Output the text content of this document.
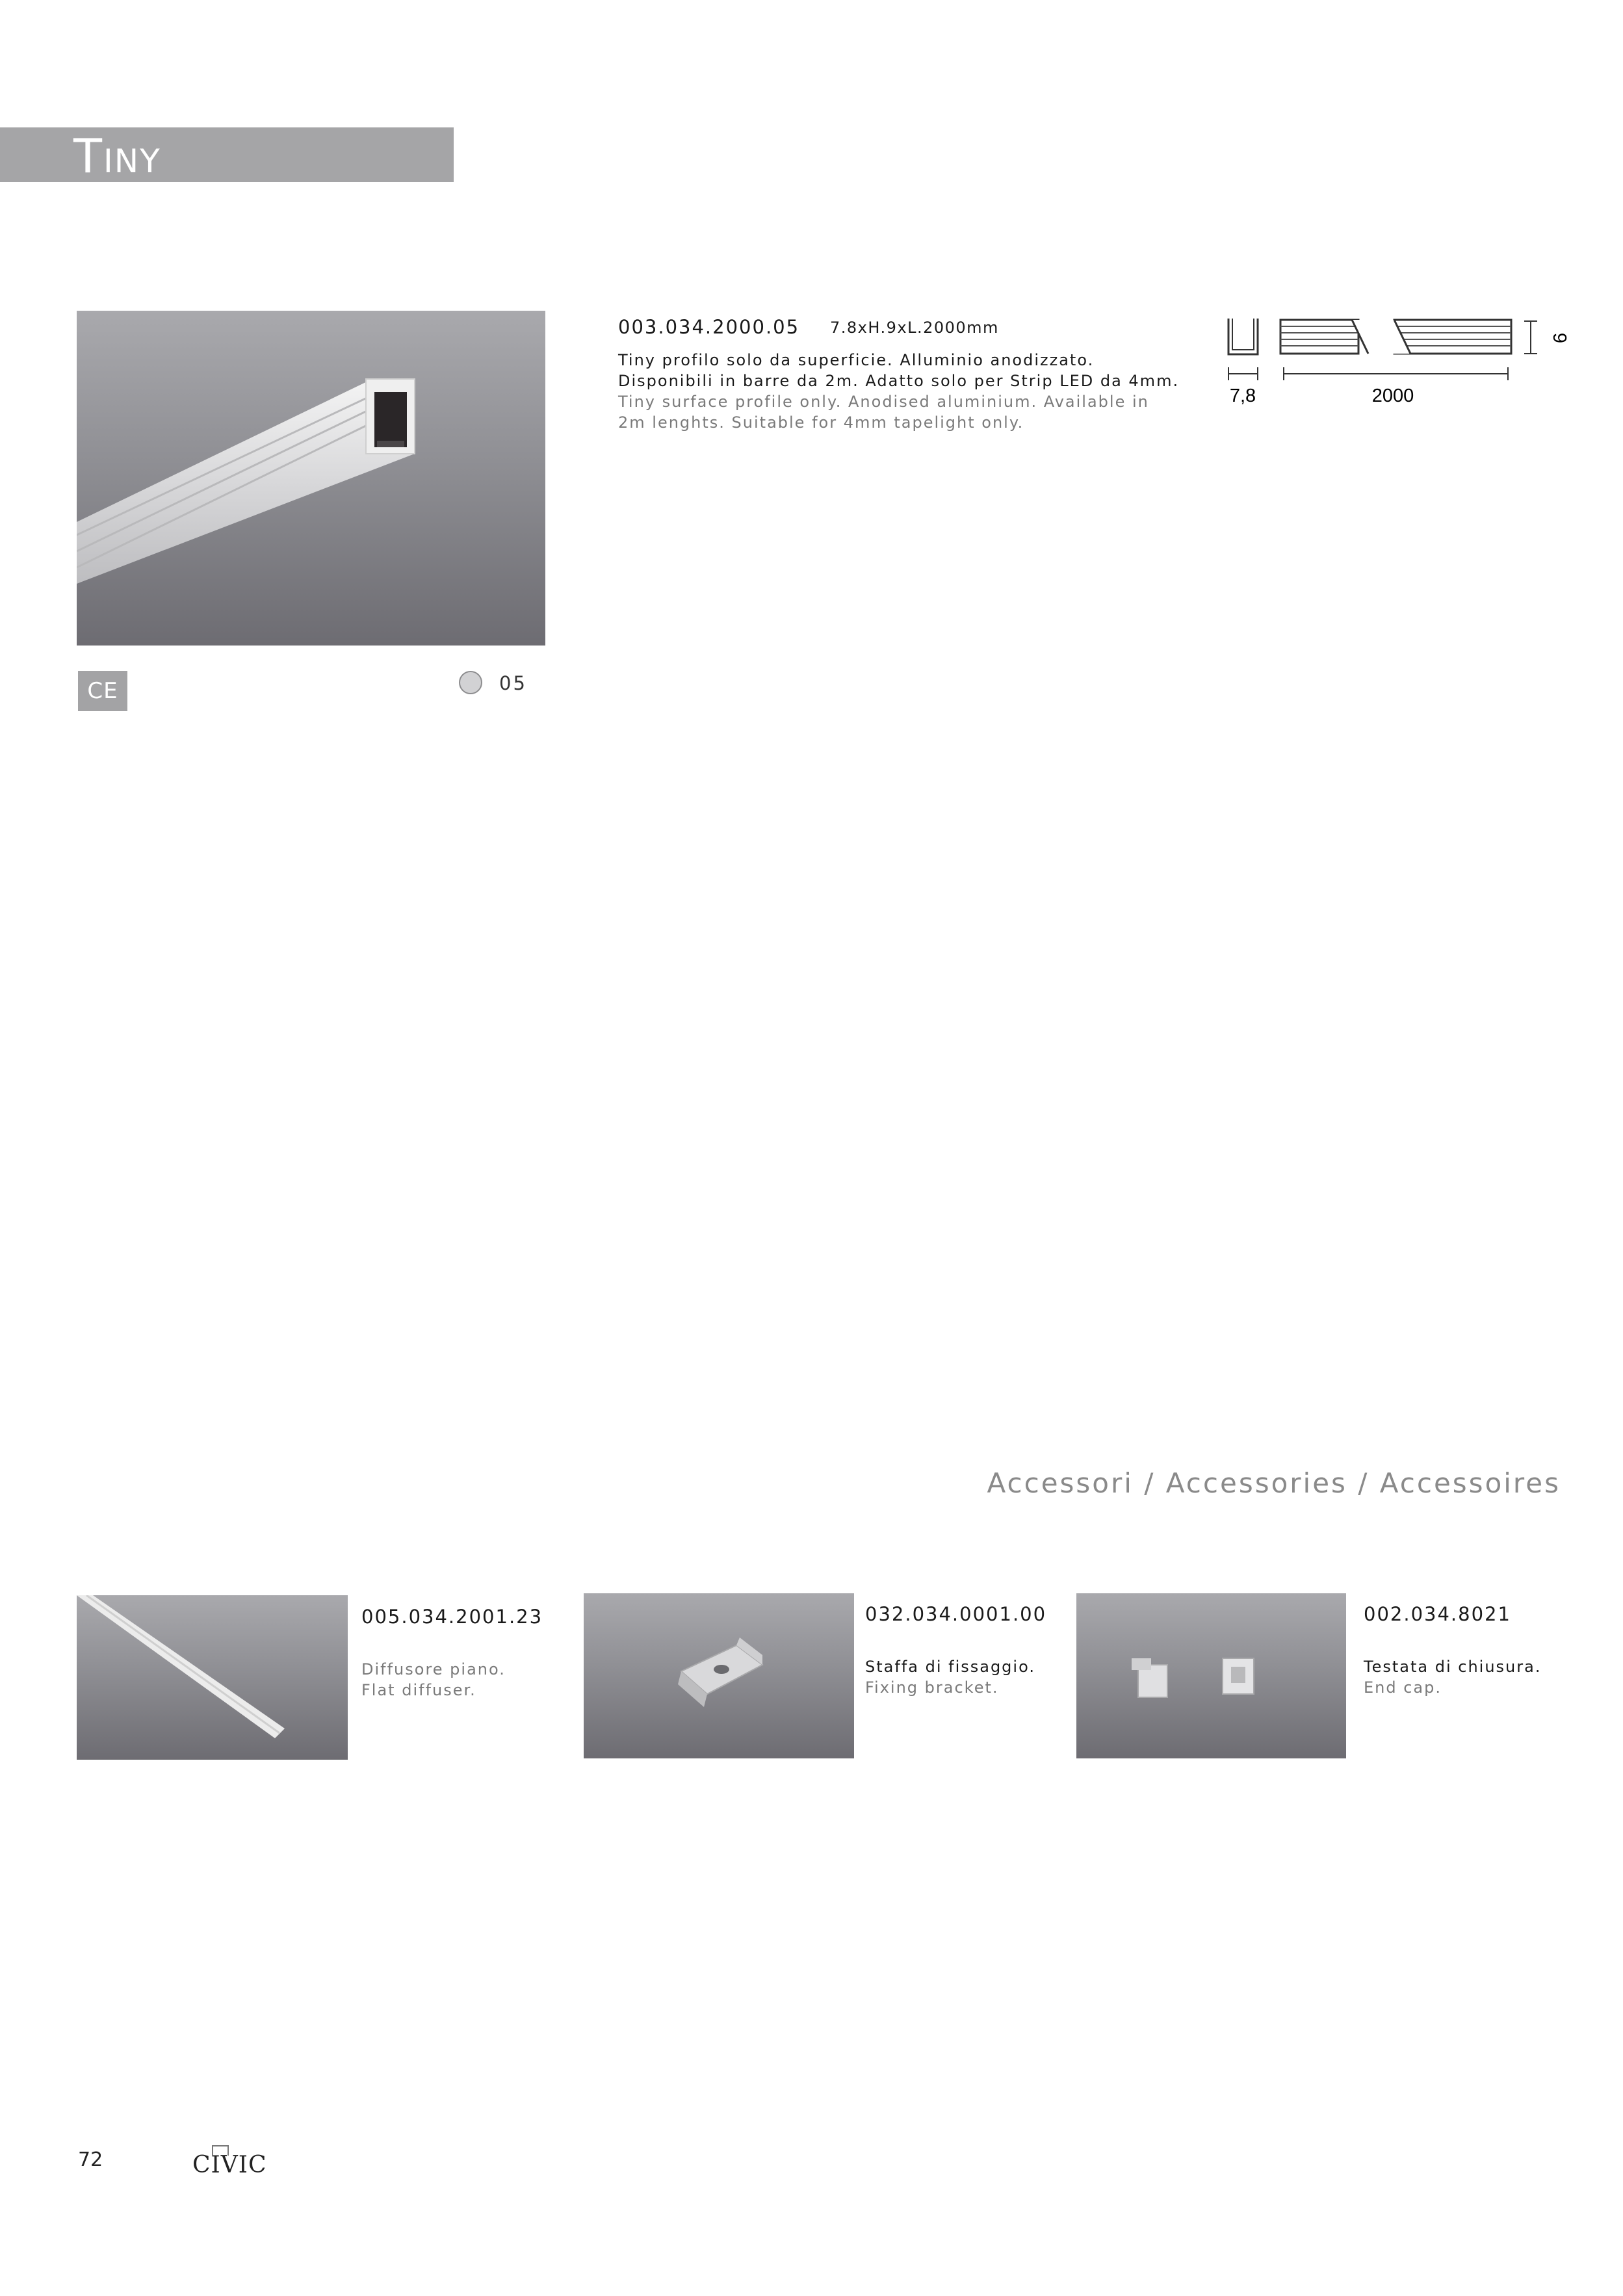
TINY
CE	05
003.034.2000.05 7.8xH.9xL.2000mm
Tiny profilo solo da superficie. Alluminio anodizzato.
Disponibili in barre da 2m. Adatto solo per Strip LED da 4mm.
Tiny surface profile only. Anodised aluminium. Available in
2m lenghts. Suitable for 4mm tapelight only.
9
7,8	2000
Accessori / Accessories / Accessoires
005.034.2001.23
Diffusore piano.
Flat diffuser.
032.034.0001.00
Staffa di fissaggio.
Fixing bracket.
002.034.8021
Testata di chiusura.
End cap.
72	CIVIC
